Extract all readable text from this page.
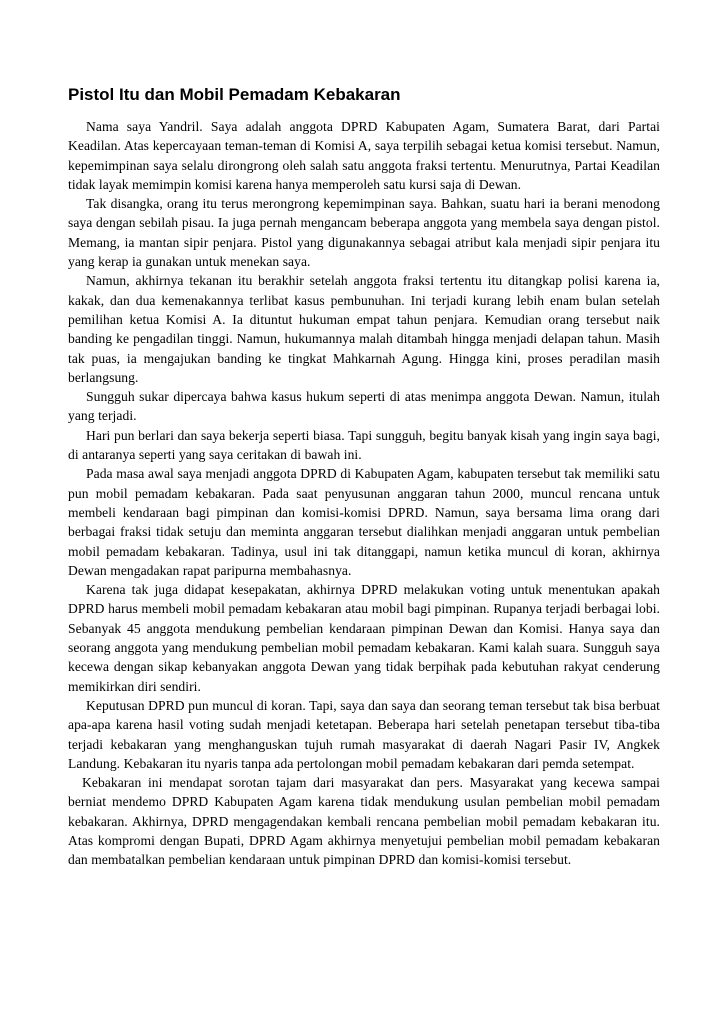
Pistol Itu dan Mobil Pemadam Kebakaran

Nama saya Yandril. Saya adalah anggota DPRD Kabupaten Agam, Sumatera Barat, dari Partai Keadilan. Atas kepercayaan teman-teman di Komisi A, saya terpilih sebagai ketua komisi tersebut. Namun, kepemimpinan saya selalu dirongrong oleh salah satu anggota fraksi tertentu. Menurutnya, Partai Keadilan tidak layak memimpin komisi karena hanya memperoleh satu kursi saja di Dewan.

Tak disangka, orang itu terus merongrong kepemimpinan saya. Bahkan, suatu hari ia berani menodong saya dengan sebilah pisau. Ia juga pernah mengancam beberapa anggota yang membela saya dengan pistol. Memang, ia mantan sipir penjara. Pistol yang digunakannya sebagai atribut kala menjadi sipir penjara itu yang kerap ia gunakan untuk menekan saya.

Namun, akhirnya tekanan itu berakhir setelah anggota fraksi tertentu itu ditangkap polisi karena ia, kakak, dan dua kemenakannya terlibat kasus pembunuhan. Ini terjadi kurang lebih enam bulan setelah pemilihan ketua Komisi A. Ia dituntut hukuman empat tahun penjara. Kemudian orang tersebut naik banding ke pengadilan tinggi. Namun, hukumannya malah ditambah hingga menjadi delapan tahun. Masih tak puas, ia mengajukan banding ke tingkat Mahkarnah Agung. Hingga kini, proses peradilan masih berlangsung.

Sungguh sukar dipercaya bahwa kasus hukum seperti di atas menimpa anggota Dewan. Namun, itulah yang terjadi.

Hari pun berlari dan saya bekerja seperti biasa. Tapi sungguh, begitu banyak kisah yang ingin saya bagi, di antaranya seperti yang saya ceritakan di bawah ini.

Pada masa awal saya menjadi anggota DPRD di Kabupaten Agam, kabupaten tersebut tak memiliki satu pun mobil pemadam kebakaran. Pada saat penyusunan anggaran tahun 2000, muncul rencana untuk membeli kendaraan bagi pimpinan dan komisi-komisi DPRD. Namun, saya bersama lima orang dari berbagai fraksi tidak setuju dan meminta anggaran tersebut dialihkan menjadi anggaran untuk pembelian mobil pemadam kebakaran. Tadinya, usul ini tak ditanggapi, namun ketika muncul di koran, akhirnya Dewan mengadakan rapat paripurna membahasnya.

Karena tak juga didapat kesepakatan, akhirnya DPRD melakukan voting untuk menentukan apakah DPRD harus membeli mobil pemadam kebakaran atau mobil bagi pimpinan. Rupanya terjadi berbagai lobi. Sebanyak 45 anggota mendukung pembelian kendaraan pimpinan Dewan dan Komisi. Hanya saya dan seorang anggota yang mendukung pembelian mobil pemadam kebakaran. Kami kalah suara. Sungguh saya kecewa dengan sikap kebanyakan anggota Dewan yang tidak berpihak pada kebutuhan rakyat cenderung memikirkan diri sendiri.

Keputusan DPRD pun muncul di koran. Tapi, saya dan saya dan seorang teman tersebut tak bisa berbuat apa-apa karena hasil voting sudah menjadi ketetapan. Beberapa hari setelah penetapan tersebut tiba-tiba terjadi kebakaran yang menghanguskan tujuh rumah masyarakat di daerah Nagari Pasir IV, Angkek Landung. Kebakaran itu nyaris tanpa ada pertolongan mobil pemadam kebakaran dari pemda setempat.

Kebakaran ini mendapat sorotan tajam dari masyarakat dan pers. Masyarakat yang kecewa sampai berniat mendemo DPRD Kabupaten Agam karena tidak mendukung usulan pembelian mobil pemadam kebakaran. Akhirnya, DPRD mengagendakan kembali rencana pembelian mobil pemadam kebakaran itu. Atas kompromi dengan Bupati, DPRD Agam akhirnya menyetujui pembelian mobil pemadam kebakaran dan membatalkan pembelian kendaraan untuk pimpinan DPRD dan komisi-komisi tersebut.
